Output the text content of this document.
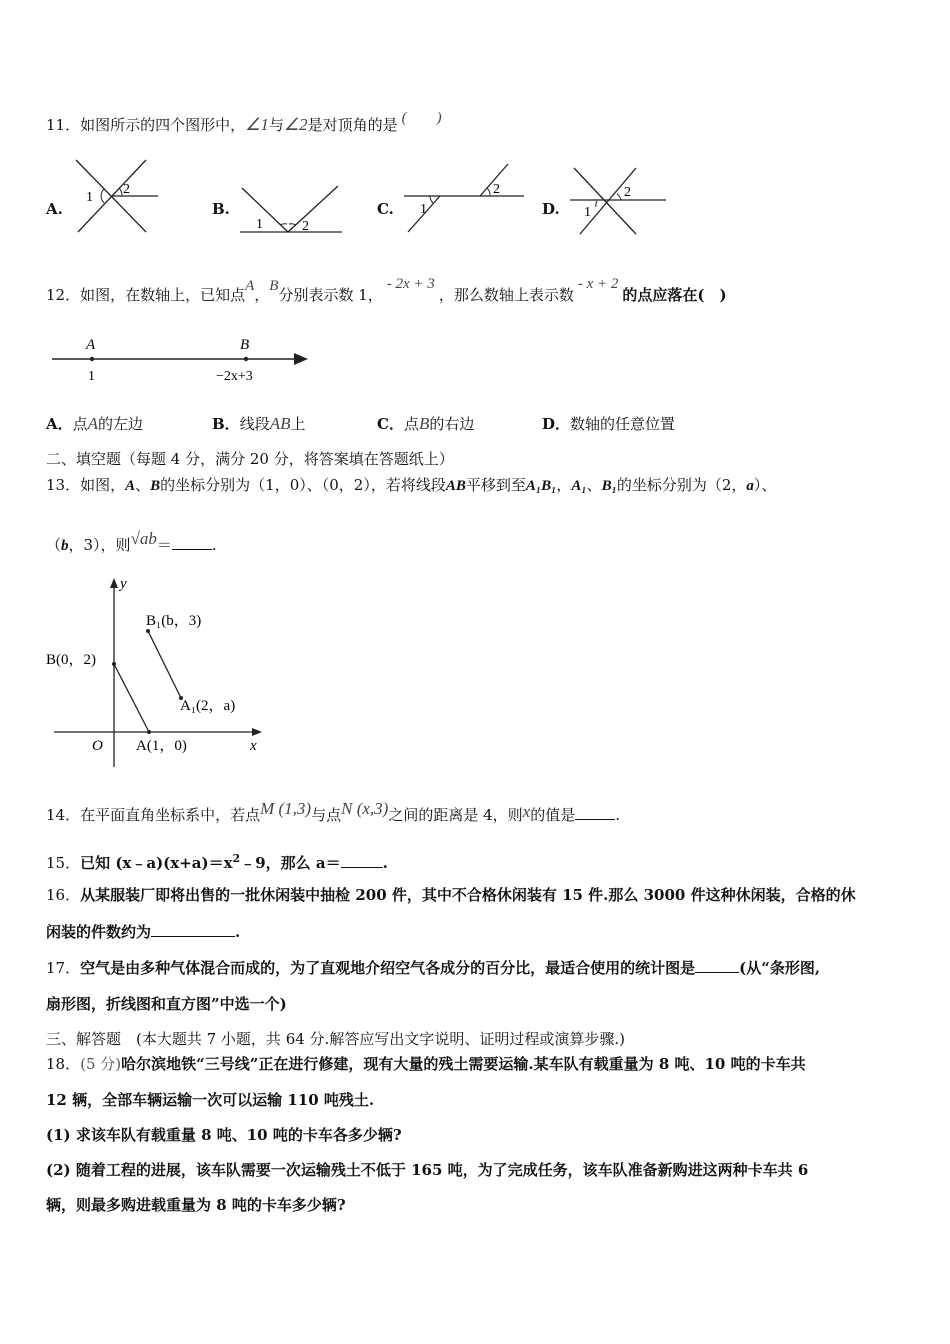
11．如图所示的四个图形中，∠1与∠2是对顶角的是 (　　)
A.
1
2
B.
1	2
C. 1
2
D. 1
2
12．如图，在数轴上，已知点A，B分别表示数 1，- 2x + 3，那么数轴上表示数- x + 2的点应落在(　)
A	B
1	−2x+3
A．点A的左边	B．线段AB上	C．点B的右边	D．数轴的任意位置
二、填空题（每题 4 分，满分 20 分，将答案填在答题纸上）
13．如图，A、B的坐标分别为（1，0）、（0，2），若将线段AB平移到至A₁B₁，A₁、B₁的坐标分别为（2，a）、
（b，3），则√ab＝	.
y
x
O
B(0，2)
A(1，0)
B₁(b，3)
A₁(2，a)
14．在平面直角坐标系中，若点M (1,3)与点N (x,3)之间的距离是 4，则x的值是	.
15．已知 $(x﹣a)(x+a)=x^2﹣9$，那么 a＝	.
16．从某服装厂即将出售的一批休闲装中抽检 200 件，其中不合格休闲装有 15 件.那么 3000 件这种休闲装，合格的休
闲装的件数约为	.
17．空气是由多种气体混合而成的，为了直观地介绍空气各成分的百分比，最适合使用的统计图是	(从“条形图,
扇形图，折线图和直方图”中选一个)
三、解答题　(本大题共 7 小题，共 64 分.解答应写出文字说明、证明过程或演算步骤.)
18．(5 分)哈尔滨地铁“三号线”正在进行修建，现有大量的残土需要运输.某车队有载重量为 8 吨、10 吨的卡车共
12 辆，全部车辆运输一次可以运输 110 吨残土.
(1) 求该车队有载重量 8 吨、10 吨的卡车各多少辆?
(2) 随着工程的进展，该车队需要一次运输残土不低于 165 吨，为了完成任务，该车队准备新购进这两种卡车共 6
辆，则最多购进载重量为 8 吨的卡车多少辆?
